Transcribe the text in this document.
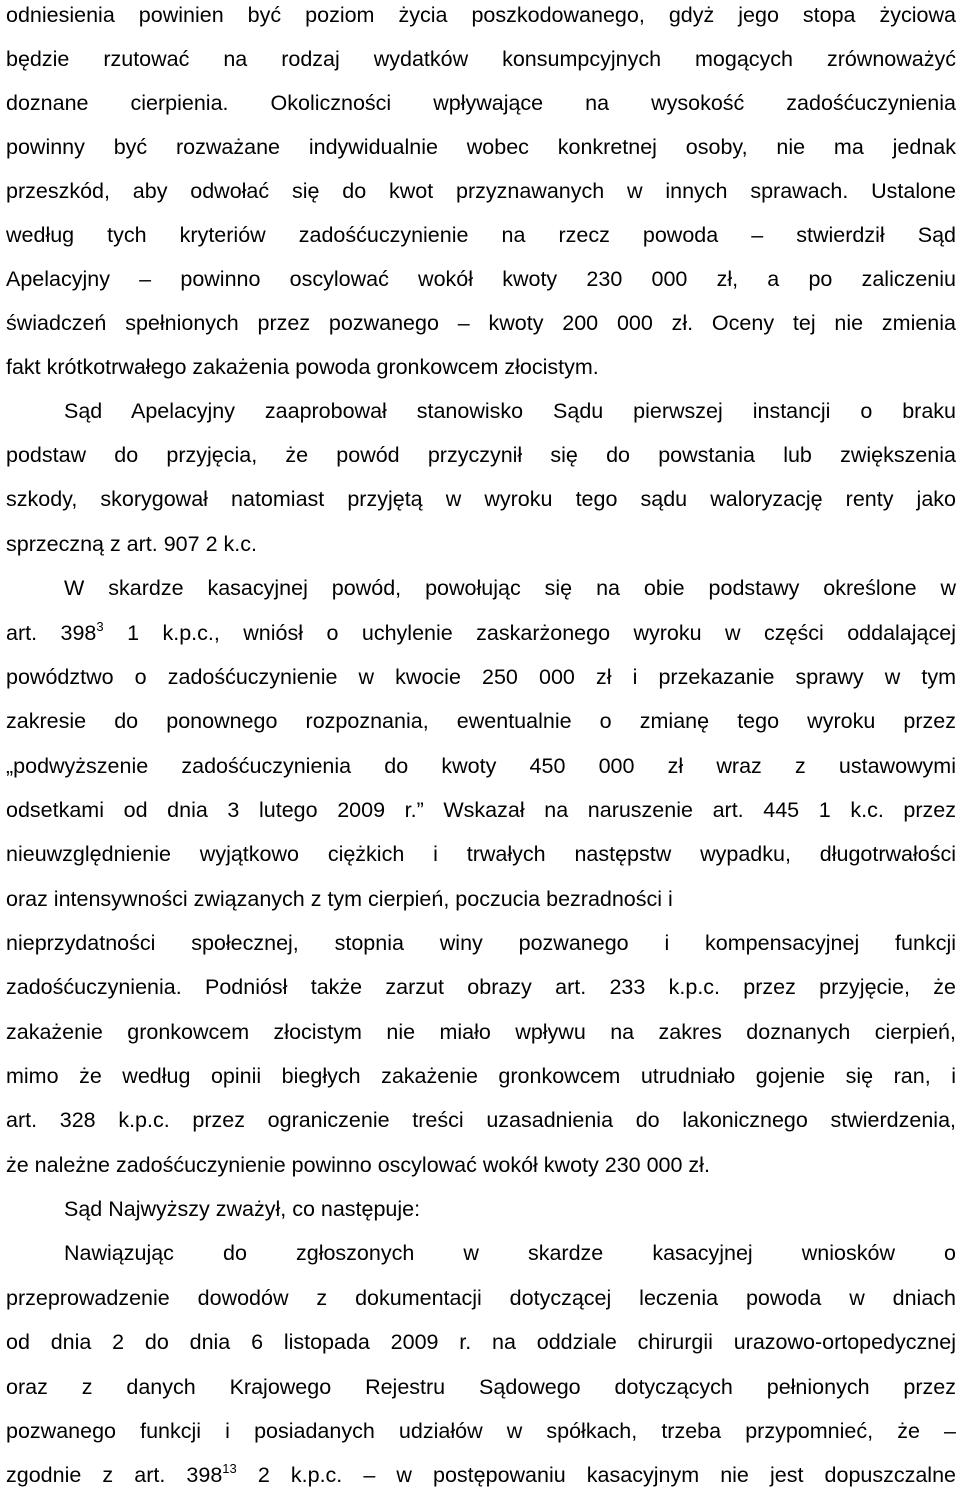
odniesienia powinien być poziom życia poszkodowanego, gdyż jego stopa życiowa
będzie rzutować na rodzaj wydatków konsumpcyjnych mogących zrównoważyć
doznane cierpienia. Okoliczności wpływające na wysokość zadośćuczynienia
powinny być rozważane indywidualnie wobec konkretnej osoby, nie ma jednak
przeszkód, aby odwołać się do kwot przyznawanych w innych sprawach. Ustalone
według tych kryteriów zadośćuczynienie na rzecz powoda – stwierdził Sąd
Apelacyjny – powinno oscylować wokół kwoty 230 000 zł, a po zaliczeniu
świadczeń spełnionych przez pozwanego – kwoty 200 000 zł. Oceny tej nie zmienia
fakt krótkotrwałego zakażenia powoda gronkowcem złocistym.
Sąd Apelacyjny zaaprobował stanowisko Sądu pierwszej instancji o braku
podstaw do przyjęcia, że powód przyczynił się do powstania lub zwiększenia
szkody, skorygował natomiast przyjętą w wyroku tego sądu waloryzację renty jako
sprzeczną z art. 907 2 k.c.
W skardze kasacyjnej powód, powołując się na obie podstawy określone w
art. $398^3$ 1 k.p.c., wniósł o uchylenie zaskarżonego wyroku w części oddalającej
powództwo o zadośćuczynienie w kwocie 250 000 zł i przekazanie sprawy w tym
zakresie do ponownego rozpoznania, ewentualnie o zmianę tego wyroku przez
„podwyższenie zadośćuczynienia do kwoty 450 000 zł wraz z ustawowymi
odsetkami od dnia 3 lutego 2009 r.” Wskazał na naruszenie art. 445 1 k.c. przez
nieuwzględnienie wyjątkowo ciężkich i trwałych następstw wypadku, długotrwałości
oraz intensywności związanych z tym cierpień, poczucia bezradności i
nieprzydatności społecznej, stopnia winy pozwanego i kompensacyjnej funkcji
zadośćuczynienia. Podniósł także zarzut obrazy art. 233 k.p.c. przez przyjęcie, że
zakażenie gronkowcem złocistym nie miało wpływu na zakres doznanych cierpień,
mimo że według opinii biegłych zakażenie gronkowcem utrudniało gojenie się ran, i
art. 328 k.p.c. przez ograniczenie treści uzasadnienia do lakonicznego stwierdzenia,
że należne zadośćuczynienie powinno oscylować wokół kwoty 230 000 zł.
Sąd Najwyższy zważył, co następuje:
Nawiązując do zgłoszonych w skardze kasacyjnej wniosków o
przeprowadzenie dowodów z dokumentacji dotyczącej leczenia powoda w dniach
od dnia 2 do dnia 6 listopada 2009 r. na oddziale chirurgii urazowo-ortopedycznej
oraz z danych Krajowego Rejestru Sądowego dotyczących pełnionych przez
pozwanego funkcji i posiadanych udziałów w spółkach, trzeba przypomnieć, że –
zgodnie z art. $398^{13}$ 2 k.p.c. – w postępowaniu kasacyjnym nie jest dopuszczalne
